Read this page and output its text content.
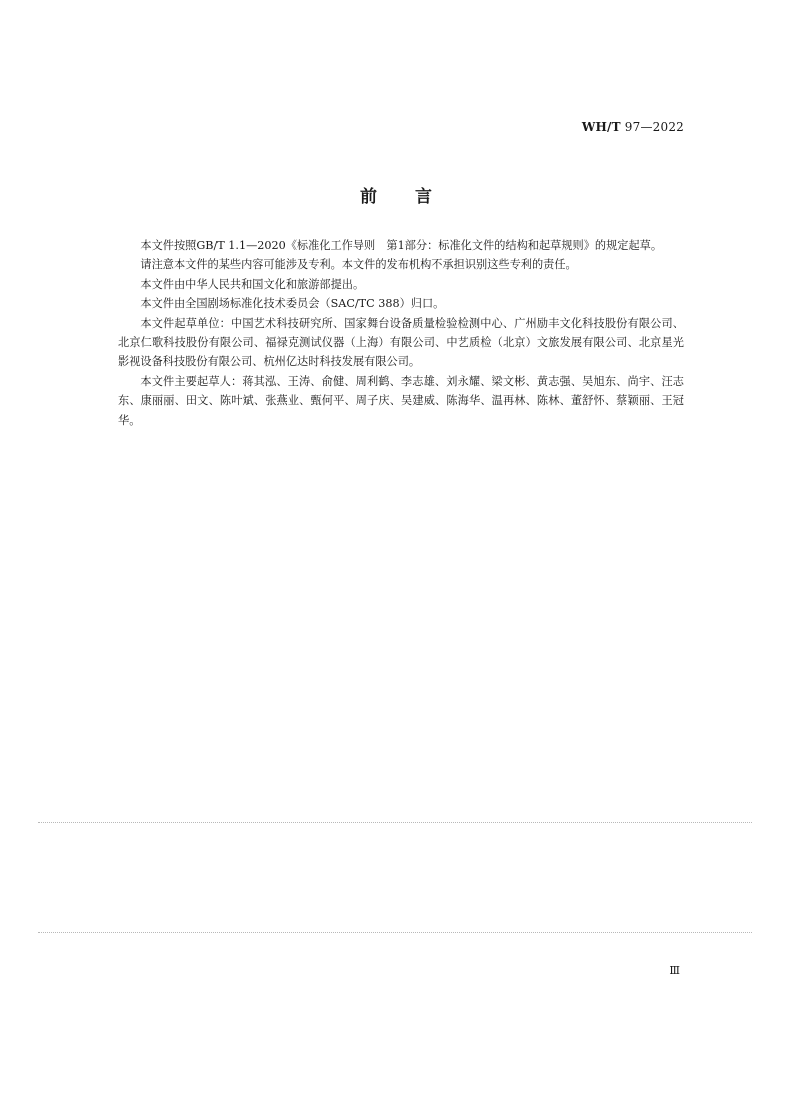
WH/T 97—2022
前言

本文件按照GB/T 1.1—2020《标准化工作导则　第1部分：标准化文件的结构和起草规则》的规定起草。

请注意本文件的某些内容可能涉及专利。本文件的发布机构不承担识别这些专利的责任。

本文件由中华人民共和国文化和旅游部提出。

本文件由全国剧场标准化技术委员会（SAC/TC 388）归口。

本文件起草单位：中国艺术科技研究所、国家舞台设备质量检验检测中心、广州励丰文化科技股份有限公司、北京仁歌科技股份有限公司、福禄克测试仪器（上海）有限公司、中艺质检（北京）文旅发展有限公司、北京星光影视设备科技股份有限公司、杭州亿达时科技发展有限公司。

本文件主要起草人：蒋其泓、王涛、俞健、周利鹤、李志雄、刘永耀、梁文彬、黄志强、吴旭东、尚宇、汪志东、康丽丽、田文、陈叶斌、张燕业、甄何平、周子庆、吴建威、陈海华、温再林、陈林、董舒怀、蔡颖丽、王冠华。

Ⅲ
